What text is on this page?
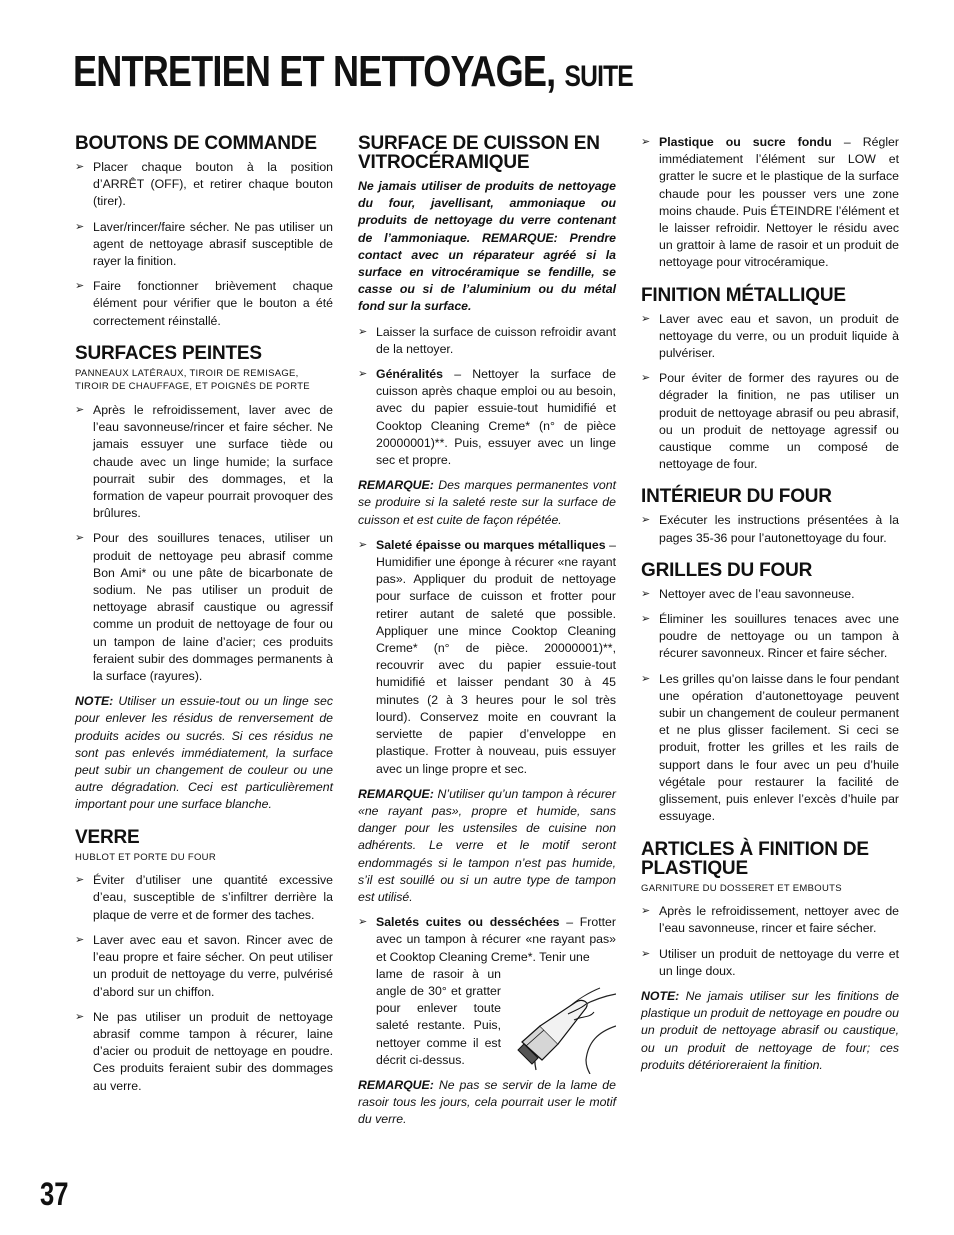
ENTRETIEN ET NETTOYAGE, SUITE
BOUTONS DE COMMANDE
➢ Placer chaque bouton à la position d’ARRÊT (OFF), et retirer chaque bouton (tirer).
➢ Laver/rincer/faire sécher. Ne pas utiliser un agent de nettoyage abrasif susceptible de rayer la finition.
➢ Faire fonctionner brièvement chaque élément pour vérifier que le bouton a été correctement réinstallé.
SURFACES PEINTES
PANNEAUX LATÉRAUX, TIROIR DE REMISAGE, TIROIR DE CHAUFFAGE, ET POIGNÉS DE PORTE
➢ Après le refroidissement, laver avec de l’eau savonneuse/rincer et faire sécher. Ne jamais essuyer une surface tiède ou chaude avec un linge humide; la surface pourrait subir des dommages, et la formation de vapeur pourrait provoquer des brûlures.
➢ Pour des souillures tenaces, utiliser un produit de nettoyage peu abrasif comme Bon Ami* ou une pâte de bicarbonate de sodium. Ne pas utiliser un produit de nettoyage abrasif caustique ou agressif comme un produit de nettoyage de four ou un tampon de laine d’acier; ces produits feraient subir des dommages permanents à la surface (rayures).

NOTE: Utiliser un essuie-tout ou un linge sec pour enlever les résidus de renversement de produits acides ou sucrés. Si ces résidus ne sont pas enlevés immédiatement, la surface peut subir un changement de couleur ou une autre dégradation. Ceci est particulièrement important pour une surface blanche.

VERRE
HUBLOT ET PORTE DU FOUR
➢ Éviter d’utiliser une quantité excessive d’eau, susceptible de s’infiltrer derrière la plaque de verre et de former des taches.
➢ Laver avec eau et savon. Rincer avec de l’eau propre et faire sécher. On peut utiliser un produit de nettoyage du verre, pulvérisé d’abord sur un chiffon.
➢ Ne pas utiliser un produit de nettoyage abrasif comme tampon à récurer, laine d’acier ou produit de nettoyage en poudre. Ces produits feraient subir des dommages au verre.
SURFACE DE CUISSON EN VITROCÉRAMIQUE

Ne jamais utiliser de produits de nettoyage du four, javellisant, ammoniaque ou produits de nettoyage du verre contenant de l’ammoniaque. REMARQUE: Prendre contact avec un réparateur agréé si la surface en vitrocéramique se fendille, se casse ou si de l’aluminium ou du métal fond sur la surface.

➢ Laisser la surface de cuisson refroidir avant de la nettoyer.
➢ Généralités – Nettoyer la surface de cuisson après chaque emploi ou au besoin, avec du papier essuie-tout humidifié et Cooktop Cleaning Creme* (n° de pièce 20000001)**. Puis, essuyer avec un linge sec et propre.

REMARQUE: Des marques permanentes vont se produire si la saleté reste sur la surface de cuisson et est cuite de façon répétée.

➢ Saleté épaisse ou marques métalliques – Humidifier une éponge à récurer «ne rayant pas». Appliquer du produit de nettoyage pour surface de cuisson et frotter pour retirer autant de saleté que possible. Appliquer une mince Cooktop Cleaning Creme* (n° de pièce. 20000001)**, recouvrir avec du papier essuie-tout humidifié et laisser pendant 30 à 45 minutes (2 à 3 heures pour le sol très lourd). Conservez moite en couvrant la serviette de papier d’enveloppe en plastique. Frotter à nouveau, puis essuyer avec un linge propre et sec.

REMARQUE: N’utiliser qu’un tampon à récurer «ne rayant pas», propre et humide, sans danger pour les ustensiles de cuisine non adhérents. Le verre et le motif seront endommagés si le tampon n’est pas humide, s’il est souillé ou si un autre type de tampon est utilisé.

➢ Saletés cuites ou desséchées – Frotter avec un tampon à récurer «ne rayant pas» et Cooktop Cleaning Creme*. Tenir une
lame de rasoir à un angle de 30° et gratter pour enlever toute saleté restante. Puis, nettoyer comme il est décrit ci-dessus.

REMARQUE: Ne pas se servir de la lame de rasoir tous les jours, cela pourrait user le motif du verre.

➢ Plastique ou sucre fondu – Régler immédiatement l’élément sur LOW et gratter le sucre et le plastique de la surface chaude pour les pousser vers une zone moins chaude. Puis ÉTEINDRE l’élément et le laisser refroidir. Nettoyer le résidu avec un grattoir à lame de rasoir et un produit de nettoyage pour vitrocéramique.
FINITION MÉTALLIQUE
➢ Laver avec eau et savon, un produit de nettoyage du verre, ou un produit liquide à pulvériser.
➢ Pour éviter de former des rayures ou de dégrader la finition, ne pas utiliser un produit de nettoyage abrasif ou peu abrasif, ou un produit de nettoyage agressif ou caustique comme un composé de nettoyage de four.
INTÉRIEUR DU FOUR
➢ Exécuter les instructions présentées à la pages 35-36 pour l’autonettoyage du four.
GRILLES DU FOUR
➢ Nettoyer avec de l’eau savonneuse.
➢ Éliminer les souillures tenaces avec une poudre de nettoyage ou un tampon à récurer savonneux. Rincer et faire sécher.
➢ Les grilles qu’on laisse dans le four pendant une opération d’autonettoyage peuvent subir un changement de couleur permanent et ne plus glisser facilement. Si ceci se produit, frotter les grilles et les rails de support dans le four avec un peu d’huile végétale pour restaurer la facilité de glissement, puis enlever l’excès d’huile par essuyage.
ARTICLES À FINITION DE PLASTIQUE
GARNITURE DU DOSSERET ET EMBOUTS
➢ Après le refroidissement, nettoyer avec de l’eau savonneuse, rincer et faire sécher.
➢ Utiliser un produit de nettoyage du verre et un linge doux.

NOTE: Ne jamais utiliser sur les finitions de plastique un produit de nettoyage en poudre ou un produit de nettoyage abrasif ou caustique, ou un produit de nettoyage de four; ces produits détérioreraient la finition.

37
